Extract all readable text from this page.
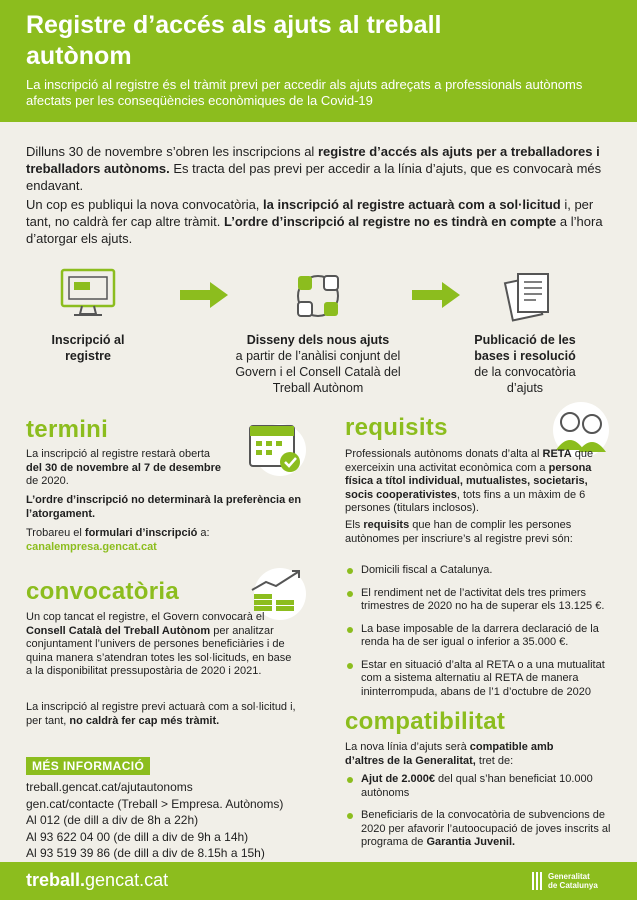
Registre d’accés als ajuts al treball autònom
La inscripció al registre és el tràmit previ per accedir als ajuts adreçats a professionals autònoms afectats per les conseqüències econòmiques de la Covid-19
Dilluns 30 de novembre s’obren les inscripcions al registre d’accés als ajuts per a treballadores i treballadors autònoms. Es tracta del pas previ per accedir a la línia d’ajuts, que es convocarà més endavant.
Un cop es publiqui la nova convocatòria, la inscripció al registre actuarà com a sol·licitud i, per tant, no caldrà fer cap altre tràmit. L’ordre d’inscripció al registre no es tindrà en compte a l’hora d’atorgar els ajuts.
Inscripció al registre
Disseny dels nous ajuts
a partir de l’anàlisi conjunt del Govern i el Consell Català del Treball Autònom
Publicació de les bases i resolució
de la convocatòria d’ajuts
termini
La inscripció al registre restarà oberta del 30 de novembre al 7 de desembre de 2020.
L’ordre d’inscripció no determinarà la preferència en l’atorgament.
Trobareu el formulari d’inscripció a:
canalempresa.gencat.cat
convocatòria
Un cop tancat el registre, el Govern convocarà el Consell Català del Treball Autònom per analitzar conjuntament l’univers de persones beneficiàries i de quina manera s’atendran totes les sol·licituds, en base a la disponibilitat pressupostària de 2020 i 2021.
La inscripció al registre previ actuarà com a sol·licitud i, per tant, no caldrà fer cap més tràmit.
requisits
Professionals autònoms donats d’alta al RETA que exerceixin una activitat econòmica com a persona física a títol individual, mutualistes, societaris, socis cooperativistes, tots fins a un màxim de 6 persones (titulars inclosos).
Els requisits que han de complir les persones autònomes per inscriure’s al registre previ són:
Domicili fiscal a Catalunya.
El rendiment net de l’activitat dels tres primers trimestres de 2020 no ha de superar els 13.125 €.
La base imposable de la darrera declaració de la renda ha de ser igual o inferior a 35.000 €.
Estar en situació d’alta al RETA o a una mutualitat com a sistema alternatiu al RETA de manera ininterrompuda, abans de l’1 d’octubre de 2020
compatibilitat
La nova línia d’ajuts serà compatible amb d’altres de la Generalitat, tret de:
Ajut de 2.000€ del qual s’han beneficiat 10.000 autònoms
Beneficiaris de la convocatòria de subvencions de 2020 per afavorir l’autoocupació de joves inscrits al programa de Garantia Juvenil.
MÉS INFORMACIÓ
treball.gencat.cat/ajutautonoms
gen.cat/contacte (Treball > Empresa. Autònoms)
Al 012 (de dill a div de 8h a 22h)
Al 93 622 04 00 (de dill a div de 9h a 14h)
Al 93 519 39 86 (de dill a div de 8.15h a 15h)
treball.gencat.cat	Generalitat
de Catalunya
